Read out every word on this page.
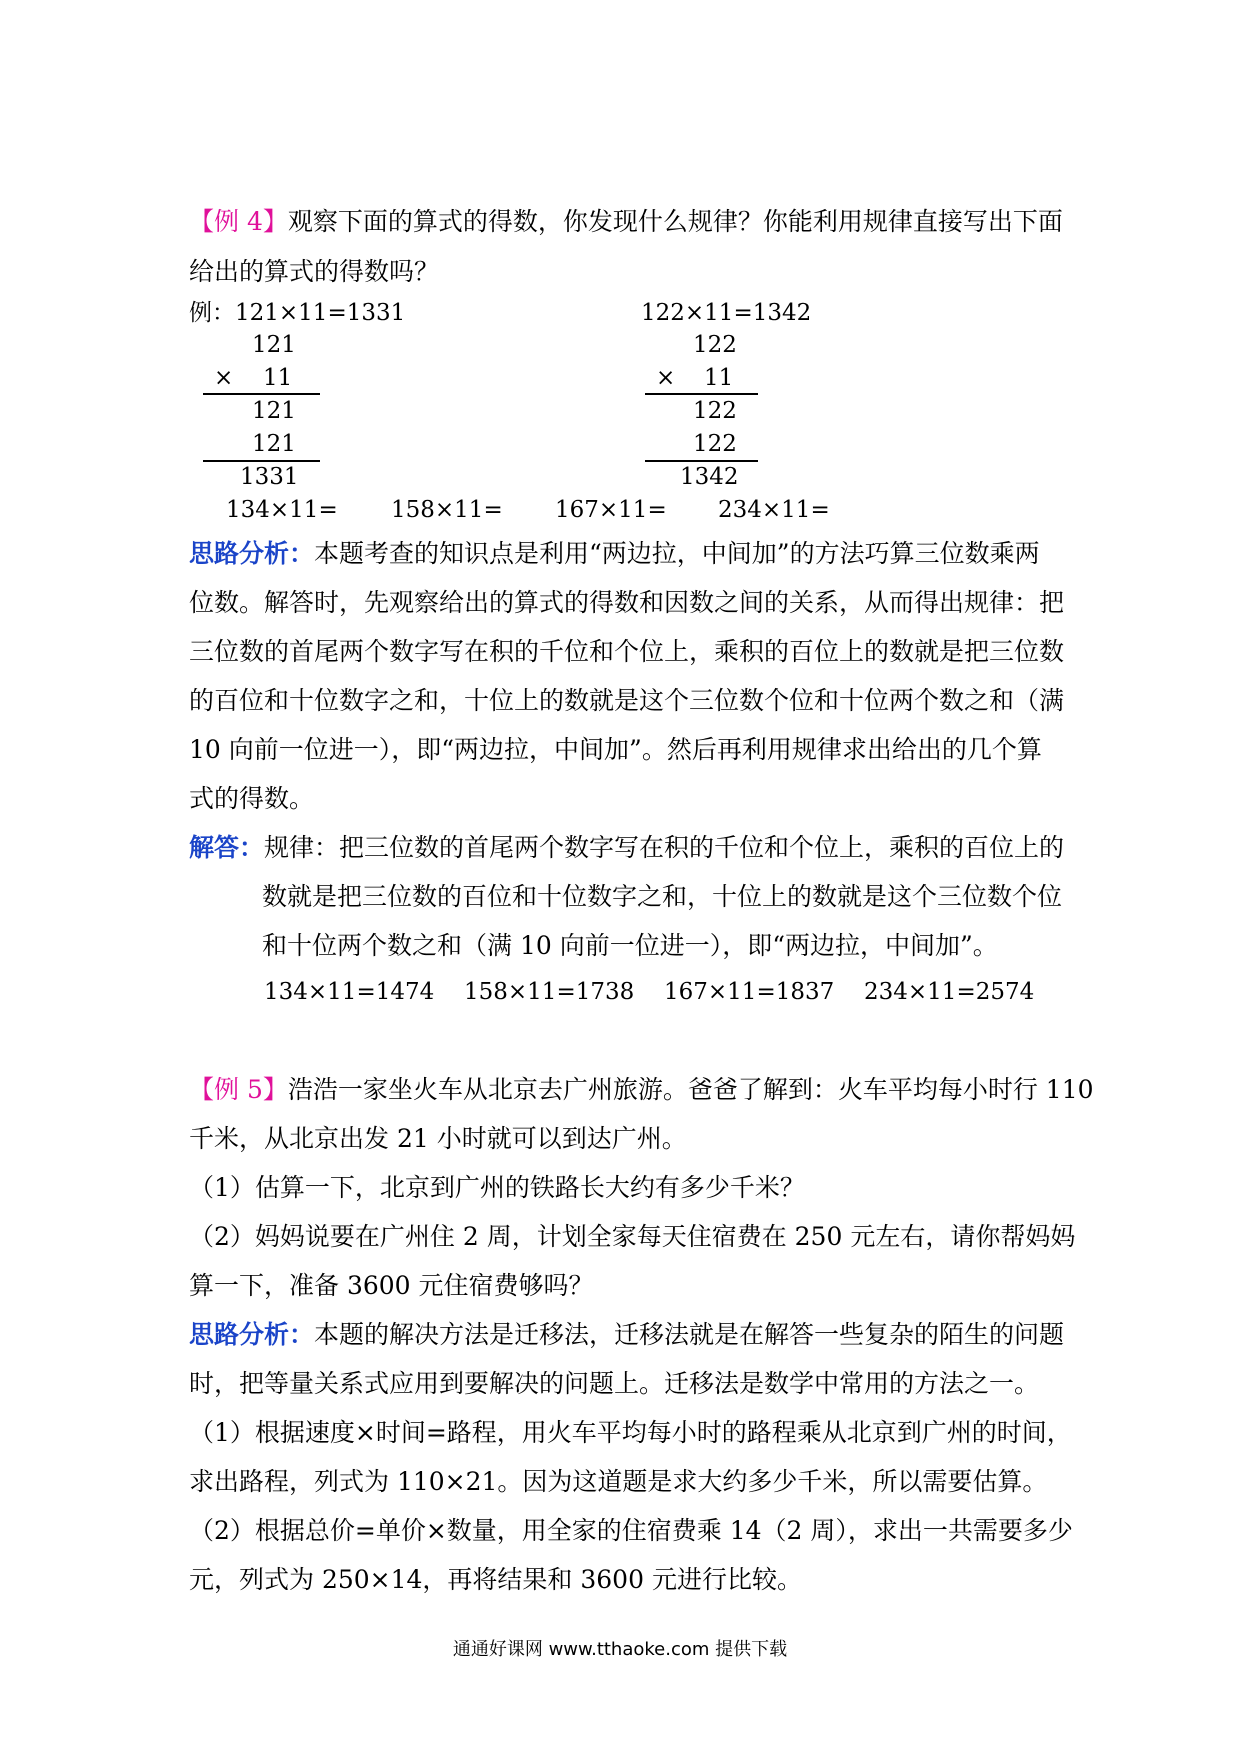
【例 4】观察下面的算式的得数，你发现什么规律？你能利用规律直接写出下面
给出的算式的得数吗？
例：121×11=1331
121
× 11
121
121
1331
122×11=1342
122
× 11
122
122
1342
134×11= 158×11= 167×11= 234×11=
思路分析：本题考查的知识点是利用“两边拉，中间加”的方法巧算三位数乘两
位数。解答时，先观察给出的算式的得数和因数之间的关系，从而得出规律：把
三位数的首尾两个数字写在积的千位和个位上，乘积的百位上的数就是把三位数
的百位和十位数字之和，十位上的数就是这个三位数个位和十位两个数之和（满
10 向前一位进一），即“两边拉，中间加”。然后再利用规律求出给出的几个算
式的得数。
解答：规律：把三位数的首尾两个数字写在积的千位和个位上，乘积的百位上的
数就是把三位数的百位和十位数字之和，十位上的数就是这个三位数个位
和十位两个数之和（满 10 向前一位进一），即“两边拉，中间加”。
134×11=1474 158×11=1738 167×11=1837 234×11=2574
【例 5】浩浩一家坐火车从北京去广州旅游。爸爸了解到：火车平均每小时行 110
千米，从北京出发 21 小时就可以到达广州。
（1）估算一下，北京到广州的铁路长大约有多少千米？
（2）妈妈说要在广州住 2 周，计划全家每天住宿费在 250 元左右，请你帮妈妈
算一下，准备 3600 元住宿费够吗？
思路分析：本题的解决方法是迁移法，迁移法就是在解答一些复杂的陌生的问题
时，把等量关系式应用到要解决的问题上。迁移法是数学中常用的方法之一。
（1）根据速度×时间=路程，用火车平均每小时的路程乘从北京到广州的时间，
求出路程，列式为 110×21。因为这道题是求大约多少千米，所以需要估算。
（2）根据总价=单价×数量，用全家的住宿费乘 14（2 周），求出一共需要多少
元，列式为 250×14，再将结果和 3600 元进行比较。
通通好课网 www.tthaoke.com 提供下载
